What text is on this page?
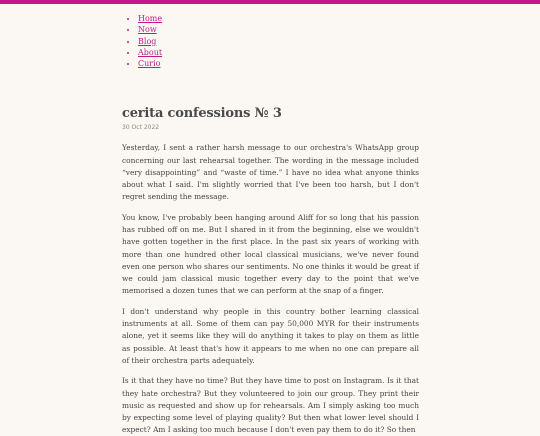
• Home
• Now
• Blog
• About
• Curio
cerita confessions № 3
30 Oct 2022

Yesterday, I sent a rather harsh message to our orchestra's WhatsApp group concerning our last rehearsal together. The wording in the message included “very disappointing” and “waste of time.” I have no idea what anyone thinks about what I said. I'm slightly worried that I've been too harsh, but I don't regret sending the message.

You know, I've probably been hanging around Aliff for so long that his passion has rubbed off on me. But I shared in it from the beginning, else we wouldn't have gotten together in the first place. In the past six years of working with more than one hundred other local classical musicians, we've never found even one person who shares our sentiments. No one thinks it would be great if we could jam classical music together every day to the point that we've memorised a dozen tunes that we can perform at the snap of a finger.

I don't understand why people in this country bother learning classical instruments at all. Some of them can pay 50,000 MYR for their instruments alone, yet it seems like they will do anything it takes to play on them as little as possible. At least that's how it appears to me when no one can prepare all of their orchestra parts adequately.

Is it that they have no time? But they have time to post on Instagram. Is it that they hate orchestra? But they volunteered to join our group. They print their music as requested and show up for rehearsals. Am I simply asking too much by expecting some level of playing quality? But then what lower level should I expect? Am I asking too much because I don't even pay them to do it? So then
